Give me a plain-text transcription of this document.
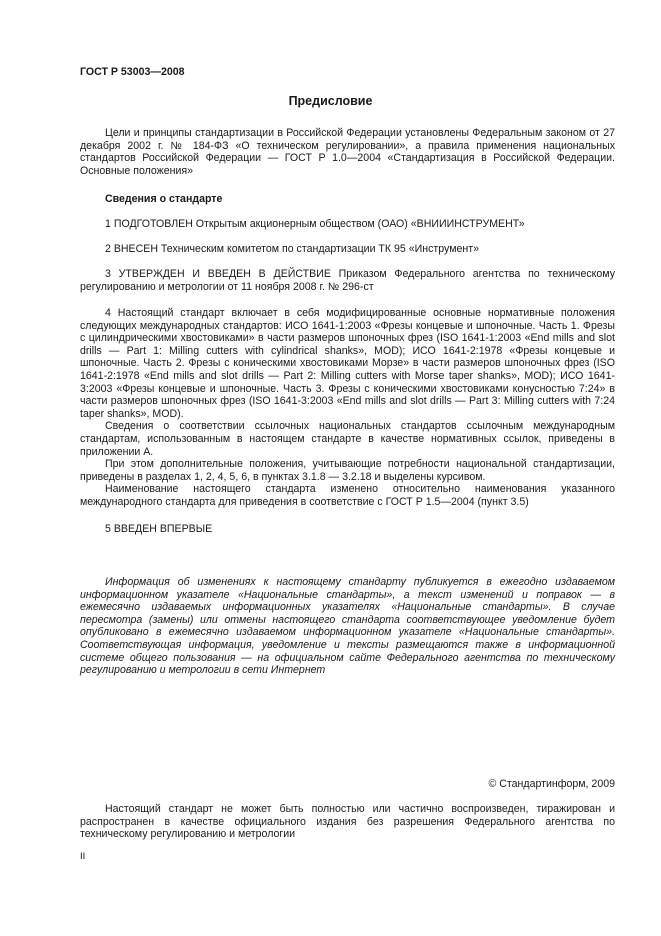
ГОСТ Р 53003—2008
Предисловие

Цели и принципы стандартизации в Российской Федерации установлены Федеральным законом от 27 декабря 2002 г. № 184-ФЗ «О техническом регулировании», а правила применения национальных стандартов Российской Федерации — ГОСТ Р 1.0—2004 «Стандартизация в Российской Федерации. Основные положения»

Сведения о стандарте

1 ПОДГОТОВЛЕН Открытым акционерным обществом (ОАО) «ВНИИИНСТРУМЕНТ»

2 ВНЕСЕН Техническим комитетом по стандартизации ТК 95 «Инструмент»

3 УТВЕРЖДЕН И ВВЕДЕН В ДЕЙСТВИЕ Приказом Федерального агентства по техническому регулированию и метрологии от 11 ноября 2008 г. № 296-ст

4 Настоящий стандарт включает в себя модифицированные основные нормативные положения следующих международных стандартов: ИСО 1641-1:2003 «Фрезы концевые и шпоночные. Часть 1. Фрезы с цилиндрическими хвостовиками» в части размеров шпоночных фрез (ISO 1641-1:2003 «End mills and slot drills — Part 1: Milling cutters with cylindrical shanks», MOD); ИСО 1641-2:1978 «Фрезы концевые и шпоночные. Часть 2. Фрезы с коническими хвостовиками Морзе» в части размеров шпоночных фрез (ISO 1641-2:1978 «End mills and slot drills — Part 2: Milling cutters with Morse taper shanks», MOD); ИСО 1641-3:2003 «Фрезы концевые и шпоночные. Часть 3. Фрезы с коническими хвостовиками конусностью 7:24» в части размеров шпоночных фрез (ISO 1641-3:2003 «End mills and slot drills — Part 3: Milling cutters with 7:24 taper shanks», MOD).

Сведения о соответствии ссылочных национальных стандартов ссылочным международным стандартам, использованным в настоящем стандарте в качестве нормативных ссылок, приведены в приложении А.

При этом дополнительные положения, учитывающие потребности национальной стандартизации, приведены в разделах 1, 2, 4, 5, 6, в пунктах 3.1.8 — 3.2.18 и выделены курсивом.

Наименование настоящего стандарта изменено относительно наименования указанного международного стандарта для приведения в соответствие с ГОСТ Р 1.5—2004 (пункт 3.5)

5 ВВЕДЕН ВПЕРВЫЕ

Информация об изменениях к настоящему стандарту публикуется в ежегодно издаваемом информационном указателе «Национальные стандарты», а текст изменений и поправок — в ежемесячно издаваемых информационных указателях «Национальные стандарты». В случае пересмотра (замены) или отмены настоящего стандарта соответствующее уведомление будет опубликовано в ежемесячно издаваемом информационном указателе «Национальные стандарты». Соответствующая информация, уведомление и тексты размещаются также в информационной системе общего пользования — на официальном сайте Федерального агентства по техническому регулированию и метрологии в сети Интернет

© Стандартинформ, 2009

Настоящий стандарт не может быть полностью или частично воспроизведен, тиражирован и распространен в качестве официального издания без разрешения Федерального агентства по техническому регулированию и метрологии

II
